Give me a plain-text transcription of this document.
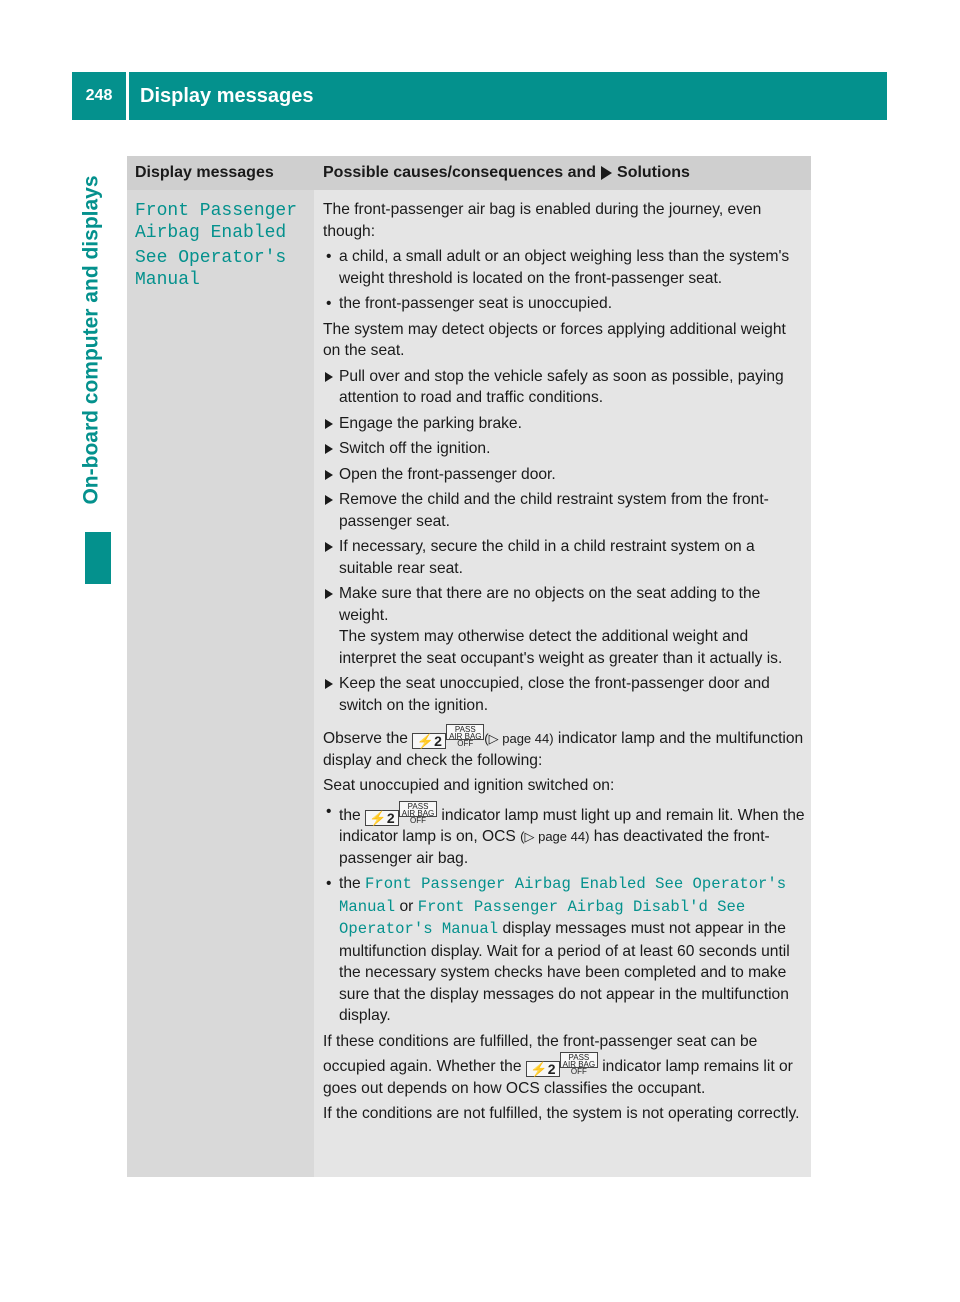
248	Display messages
On-board computer and displays Front Passenger
Airbag Enabled
See Operator's
Manual
Display messages	Possible causes/consequences and Solutions

The front-passenger air bag is enabled during the journey, even though:

• a child, a small adult or an object weighing less than the system's weight threshold is located on the front-passenger seat.
• the front-passenger seat is unoccupied.

The system may detect objects or forces applying additional weight on the seat.

Pull over and stop the vehicle safely as soon as possible, paying attention to road and traffic conditions.
Engage the parking brake.
Switch off the ignition.
Open the front-passenger door.
Remove the child and the child restraint system from the front-passenger seat.
If necessary, secure the child in a child restraint system on a suitable rear seat.
Make sure that there are no objects on the seat adding to the weight.
The system may otherwise detect the additional weight and interpret the seat occupant's weight as greater than it actually is.
Keep the seat unoccupied, close the front-passenger door and switch on the ignition.

Observe the ⚡2PASS
AIR BAG OFF (▷ page 44) indicator lamp and the multifunction display and check the following:

Seat unoccupied and ignition switched on:

• the ⚡2PASS
AIR BAG OFF indicator lamp must light up and remain lit. When the indicator lamp is on, OCS (▷ page 44) has deactivated the front-passenger air bag.
• the Front Passenger Airbag Enabled See Operator's Manual or Front Passenger Airbag Disabl'd See Operator's Manual display messages must not appear in the multifunction display. Wait for a period of at least 60 seconds until the necessary system checks have been completed and to make sure that the display messages do not appear in the multifunction display.

If these conditions are fulfilled, the front-passenger seat can be occupied again. Whether the ⚡2PASS
AIR BAG OFF indicator lamp remains lit or goes out depends on how OCS classifies the occupant.

If the conditions are not fulfilled, the system is not operating correctly.
